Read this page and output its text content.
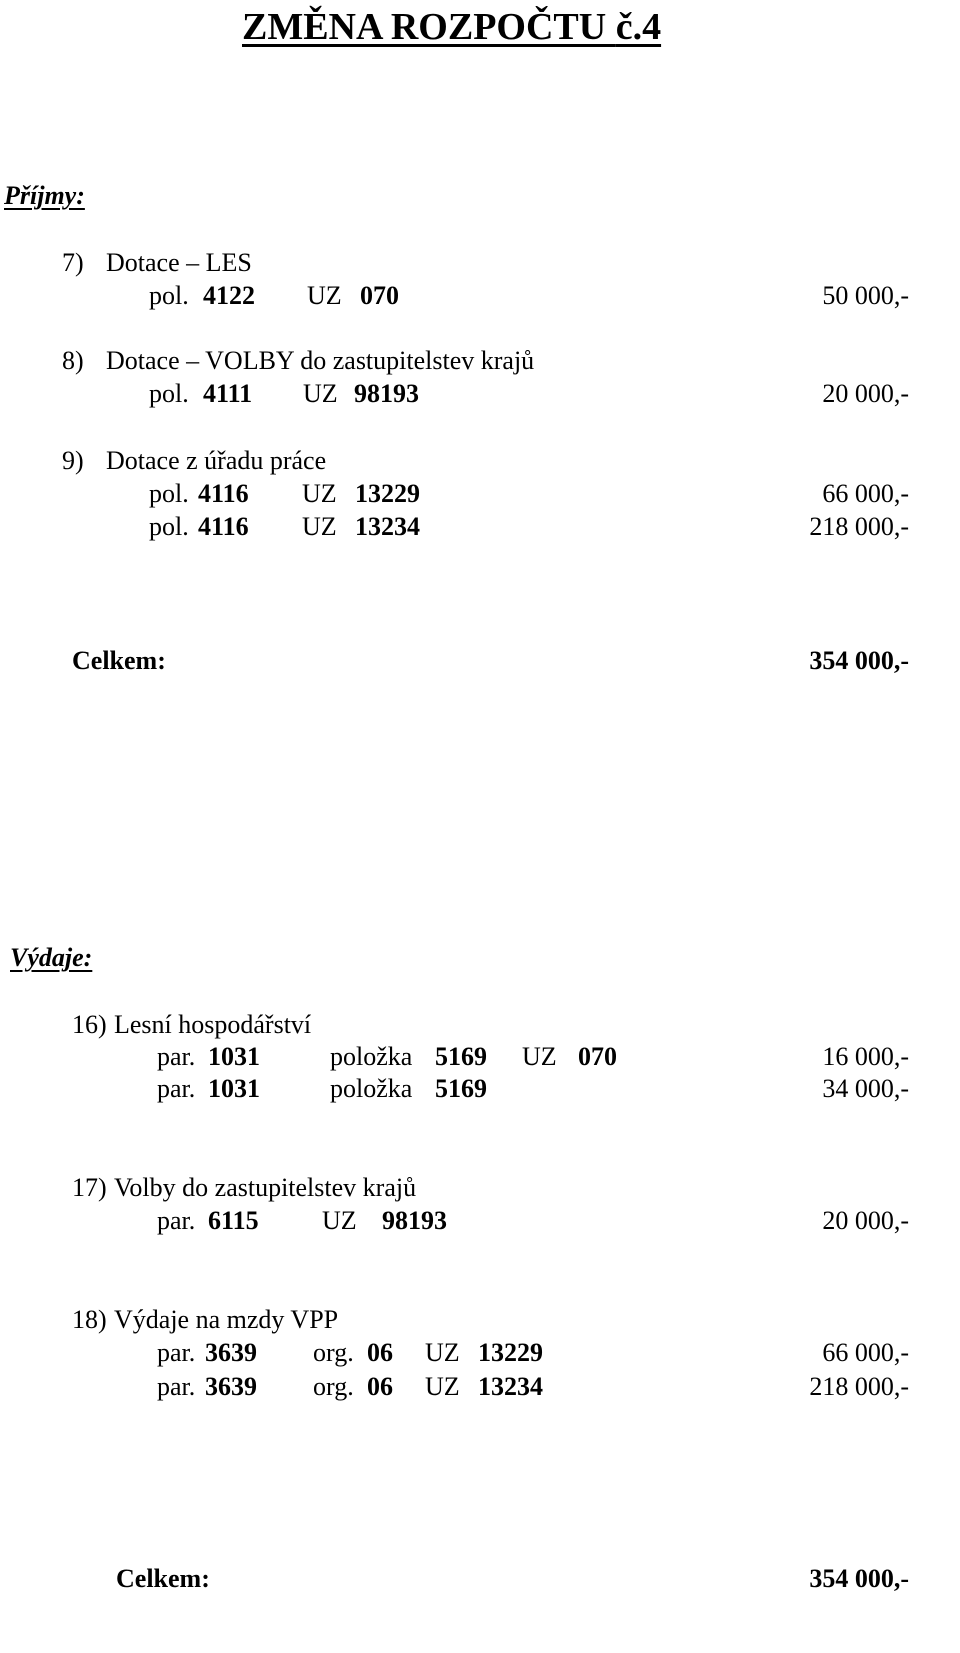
ZMĚNA ROZPOČTU č.4
Příjmy:
7) Dotace – LES
pol. 4122 UZ 070	50 000,-
8) Dotace – VOLBY do zastupitelstev krajů
pol. 4111 UZ 98193	20 000,-
9) Dotace z úřadu práce
pol. 4116 UZ 13229	66 000,-
pol. 4116 UZ 13234	218 000,-
Celkem:	354 000,-
Výdaje:
16) Lesní hospodářství
par. 1031	položka 5169 UZ 070	16 000,-
par. 1031	položka 5169	34 000,-
17) Volby do zastupitelstev krajů
par. 6115 UZ 98193	20 000,-
18) Výdaje na mzdy VPP
par. 3639 org. 06 UZ 13229	66 000,-
par. 3639 org. 06 UZ 13234	218 000,-
Celkem:	354 000,-
